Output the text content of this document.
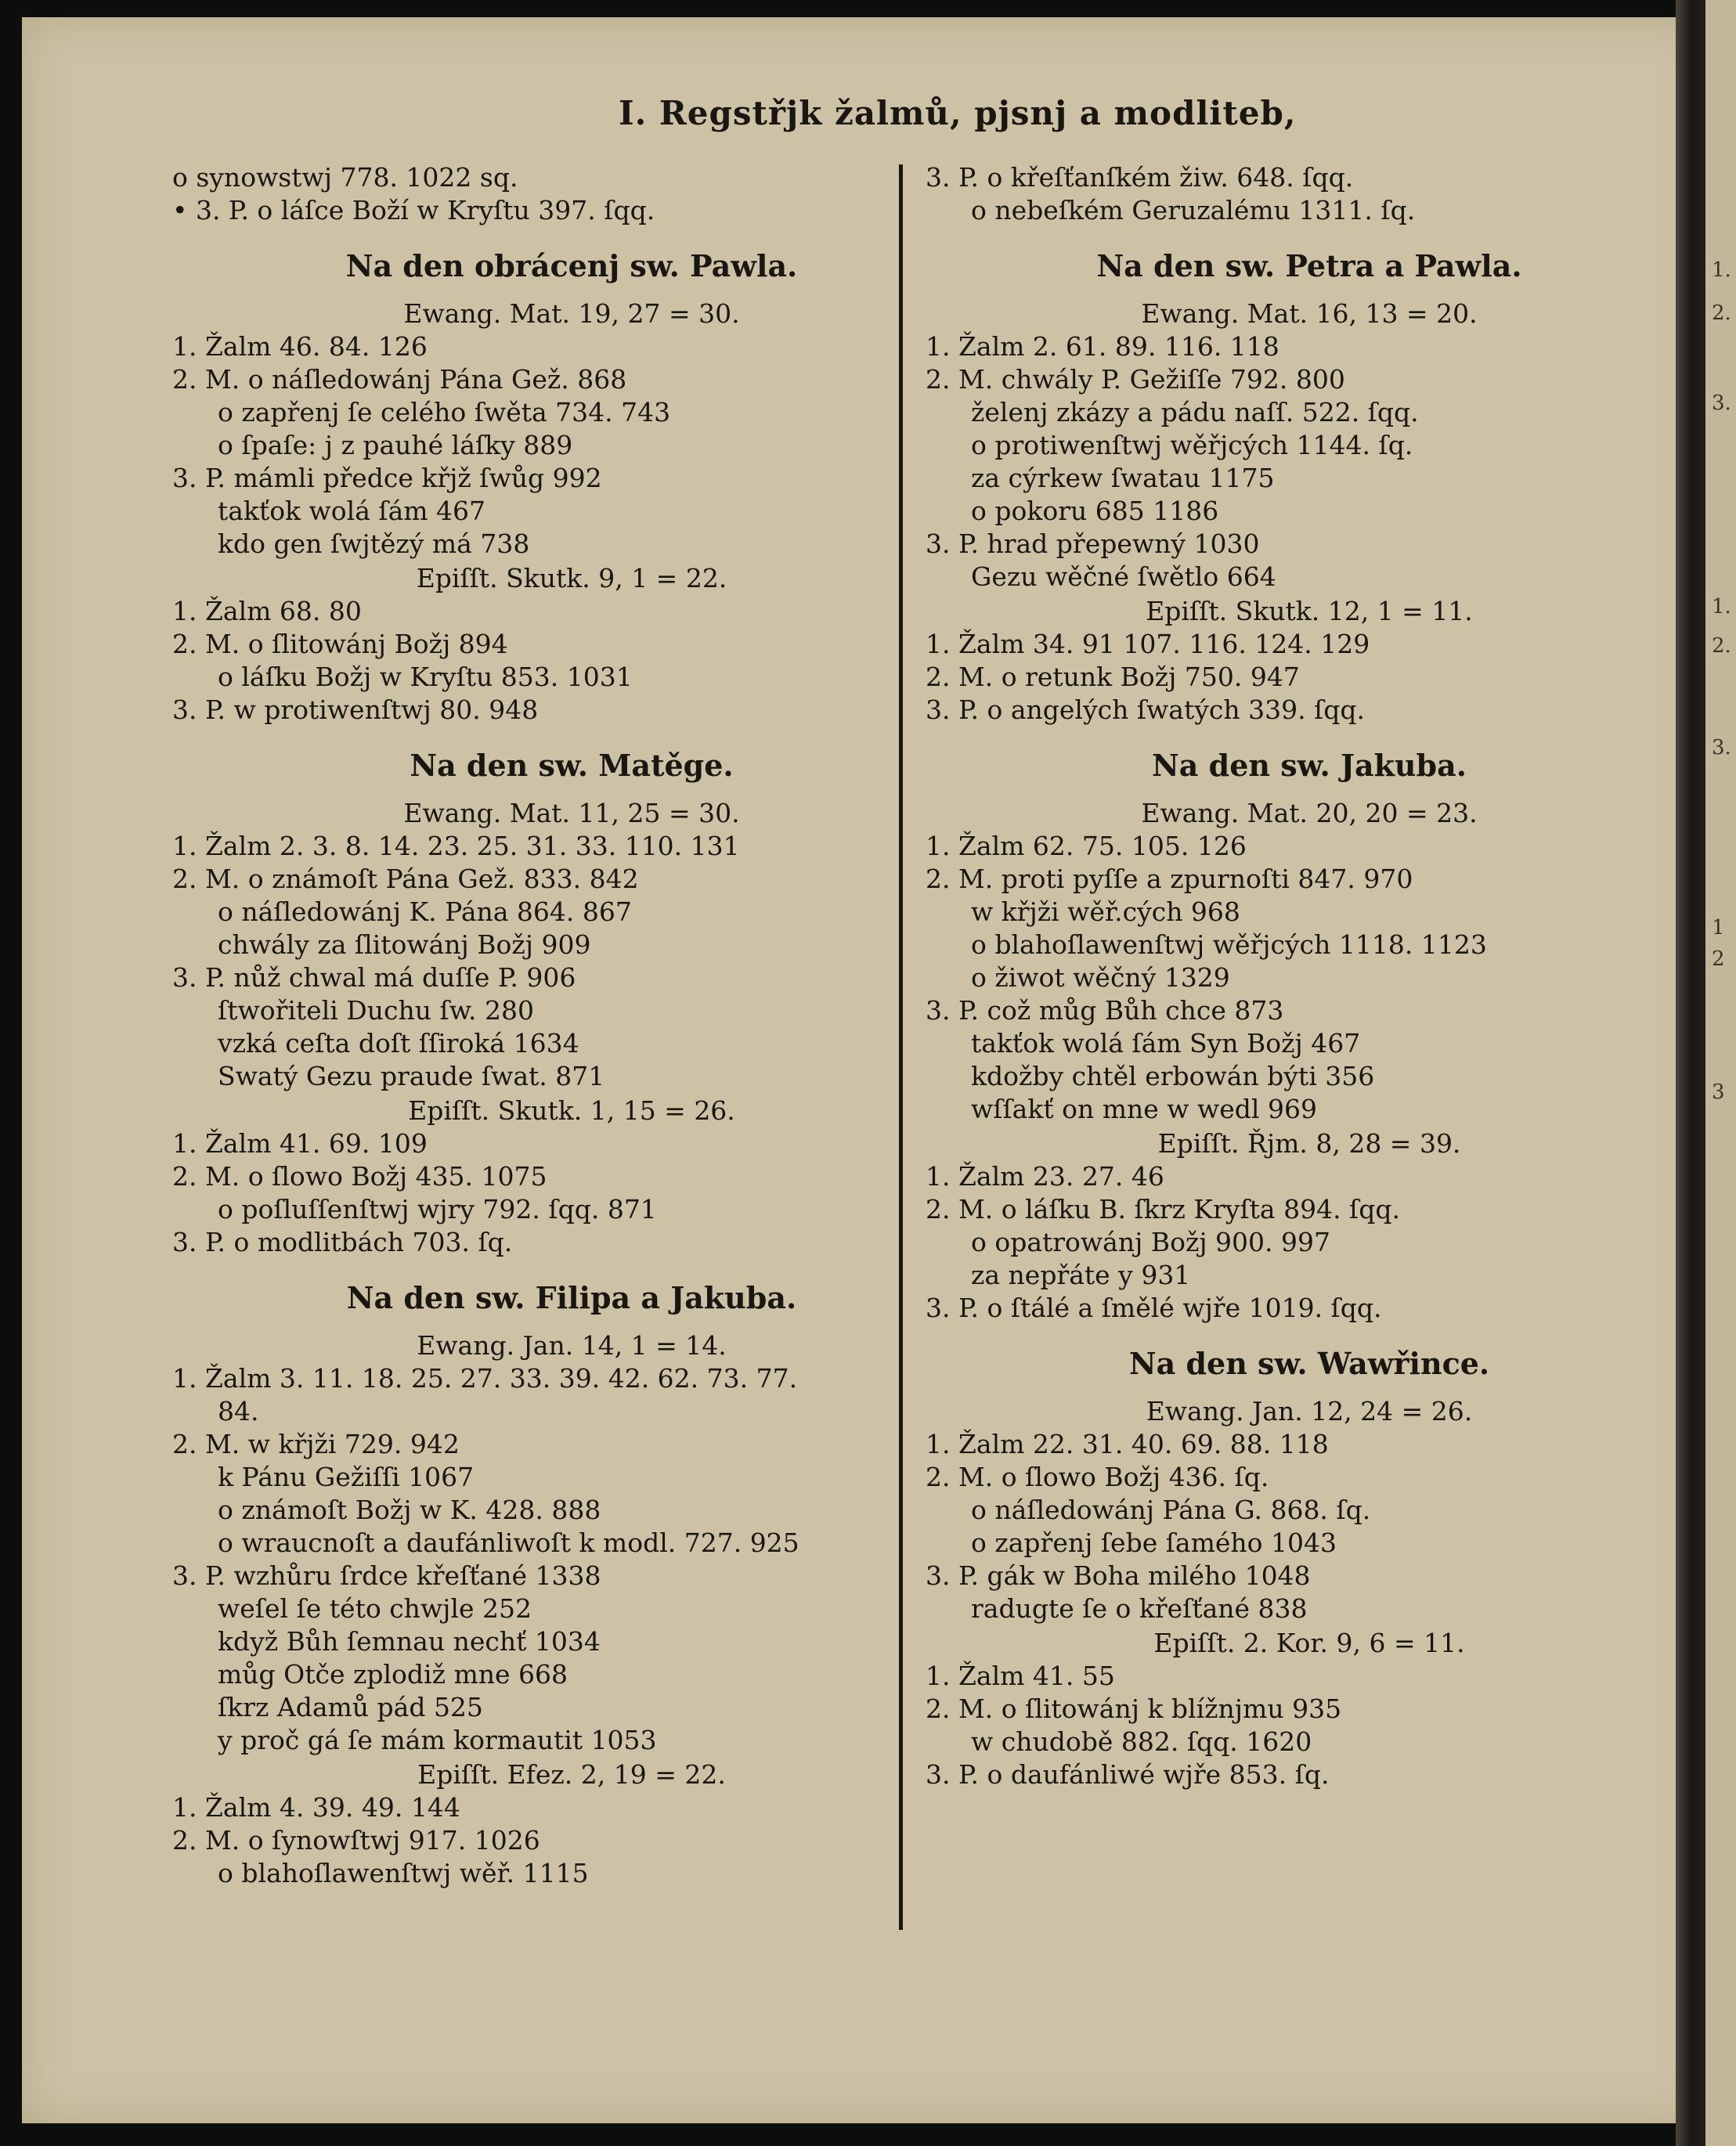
1.
2.
3.
1.
2.
3.
1
2
3
I. Regstřjk žalmů, pjsnj a modliteb,
o synowstwj 778. 1022 sq.
• 3. P. o láſce Boží w Kryſtu 397. ſqq.
Na den obrácenj sw. Pawla.
Ewang. Mat. 19, 27 = 30.
1. Žalm 46. 84. 126
2. M. o náſledowánj Pána Gež. 868
o zapřenj ſe celého ſwěta 734. 743
o ſpaſe: j z pauhé láſky 889
3. P. mámli předce křjž ſwůg 992
takťok wolá ſám 467
kdo gen ſwjtězý má 738
Epiſſt. Skutk. 9, 1 = 22.
1. Žalm 68. 80
2. M. o ſlitowánj Božj 894
o láſku Božj w Kryſtu 853. 1031
3. P. w protiwenſtwj 80. 948
Na den sw. Matěge.
Ewang. Mat. 11, 25 = 30.
1. Žalm 2. 3. 8. 14. 23. 25. 31. 33. 110. 131
2. M. o známoſt Pána Gež. 833. 842
o náſledowánj K. Pána 864. 867
chwály za ſlitowánj Božj 909
3. P. nůž chwal má duſſe P. 906
ſtwořiteli Duchu ſw. 280
vzká ceſta doſt ſſiroká 1634
Swatý Gezu praude ſwat. 871
Epiſſt. Skutk. 1, 15 = 26.
1. Žalm 41. 69. 109
2. M. o ſlowo Božj 435. 1075
o poſluſſenſtwj wjry 792. ſqq. 871
3. P. o modlitbách 703. ſq.
Na den sw. Filipa a Jakuba.
Ewang. Jan. 14, 1 = 14.
1. Žalm 3. 11. 18. 25. 27. 33. 39. 42. 62. 73. 77.
84.
2. M. w křjži 729. 942
k Pánu Gežiſſi 1067
o známoſt Božj w K. 428. 888
o wraucnoſt a daufánliwoſt k modl. 727. 925
3. P. wzhůru ſrdce křeſťané 1338
weſel ſe této chwjle 252
když Bůh ſemnau nechť 1034
můg Otče zplodiž mne 668
ſkrz Adamů pád 525
y proč gá ſe mám kormautit 1053
Epiſſt. Efez. 2, 19 = 22.
1. Žalm 4. 39. 49. 144
2. M. o ſynowſtwj 917. 1026
o blahoſlawenſtwj wěř. 1115
3. P. o křeſťanſkém žiw. 648. ſqq.
o nebeſkém Geruzalému 1311. ſq.
Na den sw. Petra a Pawla.
Ewang. Mat. 16, 13 = 20.
1. Žalm 2. 61. 89. 116. 118
2. M. chwály P. Gežiſſe 792. 800
želenj zkázy a pádu naſſ. 522. ſqq.
o protiwenſtwj wěřjcých 1144. ſq.
za cýrkew ſwatau 1175
o pokoru 685 1186
3. P. hrad přepewný 1030
Gezu wěčné ſwětlo 664
Epiſſt. Skutk. 12, 1 = 11.
1. Žalm 34. 91 107. 116. 124. 129
2. M. o retunk Božj 750. 947
3. P. o angelých ſwatých 339. ſqq.
Na den sw. Jakuba.
Ewang. Mat. 20, 20 = 23.
1. Žalm 62. 75. 105. 126
2. M. proti pyſſe a zpurnoſti 847. 970
w křjži wěř.cých 968
o blahoſlawenſtwj wěřjcých 1118. 1123
o žiwot wěčný 1329
3. P. což můg Bůh chce 873
takťok wolá ſám Syn Božj 467
kdožby chtěl erbowán býti 356
wſſakť on mne w wedl 969
Epiſſt. Řjm. 8, 28 = 39.
1. Žalm 23. 27. 46
2. M. o láſku B. ſkrz Kryſta 894. ſqq.
o opatrowánj Božj 900. 997
za nepřáte y 931
3. P. o ſtálé a ſmělé wjře 1019. ſqq.
Na den sw. Wawřince.
Ewang. Jan. 12, 24 = 26.
1. Žalm 22. 31. 40. 69. 88. 118
2. M. o ſlowo Božj 436. ſq.
o náſledowánj Pána G. 868. ſq.
o zapřenj ſebe ſamého 1043
3. P. gák w Boha milého 1048
radugte ſe o křeſťané 838
Epiſſt. 2. Kor. 9, 6 = 11.
1. Žalm 41. 55
2. M. o ſlitowánj k blížnjmu 935
w chudobě 882. ſqq. 1620
3. P. o daufánliwé wjře 853. ſq.
